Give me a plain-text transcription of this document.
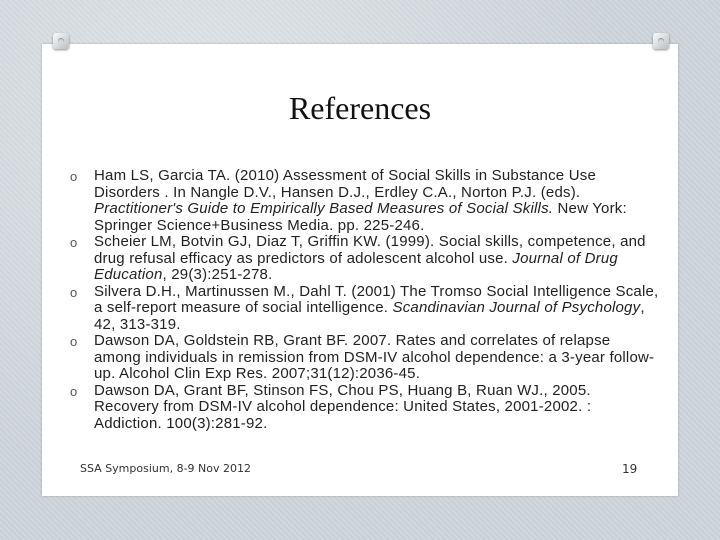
References
o Ham LS, Garcia TA. (2010) Assessment of Social Skills in Substance Use Disorders . In Nangle D.V., Hansen D.J., Erdley C.A., Norton P.J. (eds). Practitioner's Guide to Empirically Based Measures of Social Skills. New York: Springer Science+Business Media. pp. 225-246.
o Scheier LM, Botvin GJ, Diaz T, Griffin KW. (1999). Social skills, competence, and drug refusal efficacy as predictors of adolescent alcohol use. Journal of Drug Education, 29(3):251-278.
o Silvera D.H., Martinussen M., Dahl T. (2001) The Tromso Social Intelligence Scale, a self-report measure of social intelligence. Scandinavian Journal of Psychology, 42, 313-319.
o Dawson DA, Goldstein RB, Grant BF. 2007. Rates and correlates of relapse among individuals in remission from DSM-IV alcohol dependence: a 3-year follow-up. Alcohol Clin Exp Res. 2007;31(12):2036-45.
o Dawson DA, Grant BF, Stinson FS, Chou PS, Huang B, Ruan WJ., 2005. Recovery from DSM-IV alcohol dependence: United States, 2001-2002. : Addiction. 100(3):281-92.
SSA Symposium, 8-9 Nov 2012	19
